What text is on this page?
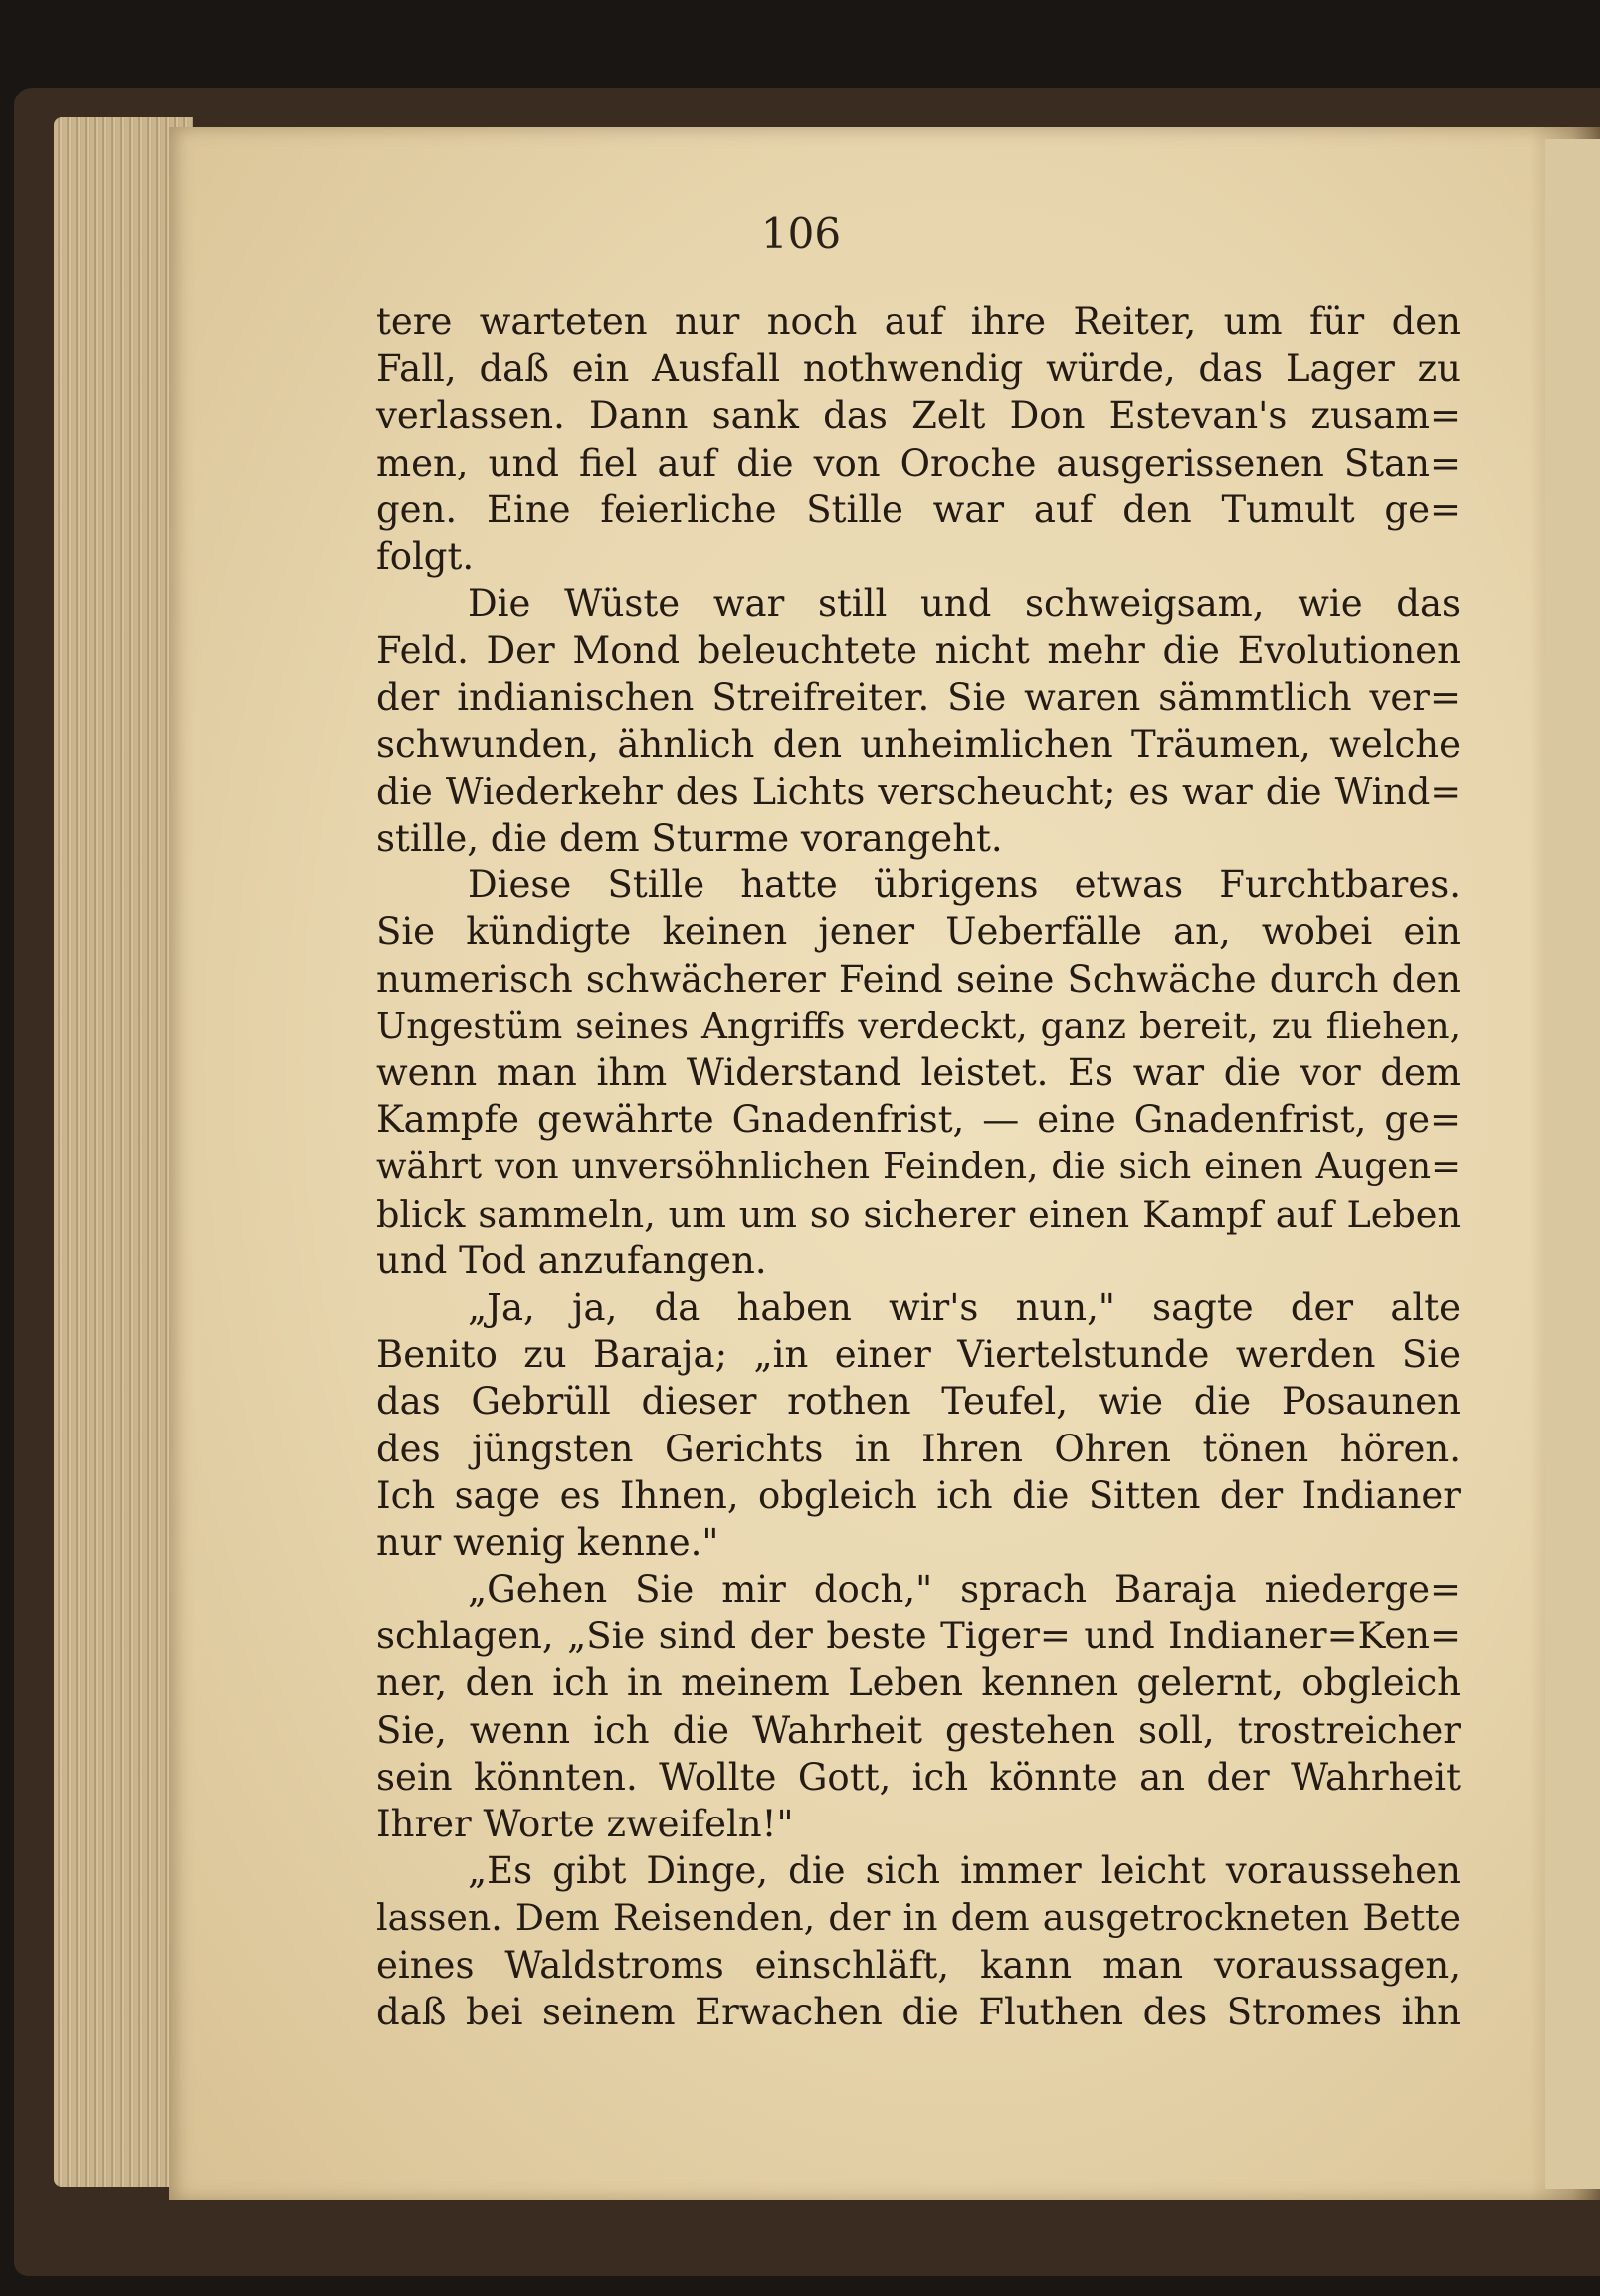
106
tere warteten nur noch auf ihre Reiter, um für den
Fall, daß ein Ausfall nothwendig würde, das Lager zu
verlassen. Dann sank das Zelt Don Estevan's zusam=
men, und fiel auf die von Oroche ausgerissenen Stan=
gen. Eine feierliche Stille war auf den Tumult ge=
folgt.
Die Wüste war still und schweigsam, wie das
Feld. Der Mond beleuchtete nicht mehr die Evolutionen
der indianischen Streifreiter. Sie waren sämmtlich ver=
schwunden, ähnlich den unheimlichen Träumen, welche
die Wiederkehr des Lichts verscheucht; es war die Wind=
stille, die dem Sturme vorangeht.
Diese Stille hatte übrigens etwas Furchtbares.
Sie kündigte keinen jener Ueberfälle an, wobei ein
numerisch schwächerer Feind seine Schwäche durch den
Ungestüm seines Angriffs verdeckt, ganz bereit, zu fliehen,
wenn man ihm Widerstand leistet. Es war die vor dem
Kampfe gewährte Gnadenfrist, — eine Gnadenfrist, ge=
währt von unversöhnlichen Feinden, die sich einen Augen=
blick sammeln, um um so sicherer einen Kampf auf Leben
und Tod anzufangen.
„Ja, ja, da haben wir's nun," sagte der alte
Benito zu Baraja; „in einer Viertelstunde werden Sie
das Gebrüll dieser rothen Teufel, wie die Posaunen
des jüngsten Gerichts in Ihren Ohren tönen hören.
Ich sage es Ihnen, obgleich ich die Sitten der Indianer
nur wenig kenne."
„Gehen Sie mir doch," sprach Baraja niederge=
schlagen, „Sie sind der beste Tiger= und Indianer=Ken=
ner, den ich in meinem Leben kennen gelernt, obgleich
Sie, wenn ich die Wahrheit gestehen soll, trostreicher
sein könnten. Wollte Gott, ich könnte an der Wahrheit
Ihrer Worte zweifeln!"
„Es gibt Dinge, die sich immer leicht voraussehen
lassen. Dem Reisenden, der in dem ausgetrockneten Bette
eines Waldstroms einschläft, kann man voraussagen,
daß bei seinem Erwachen die Fluthen des Stromes ihn
